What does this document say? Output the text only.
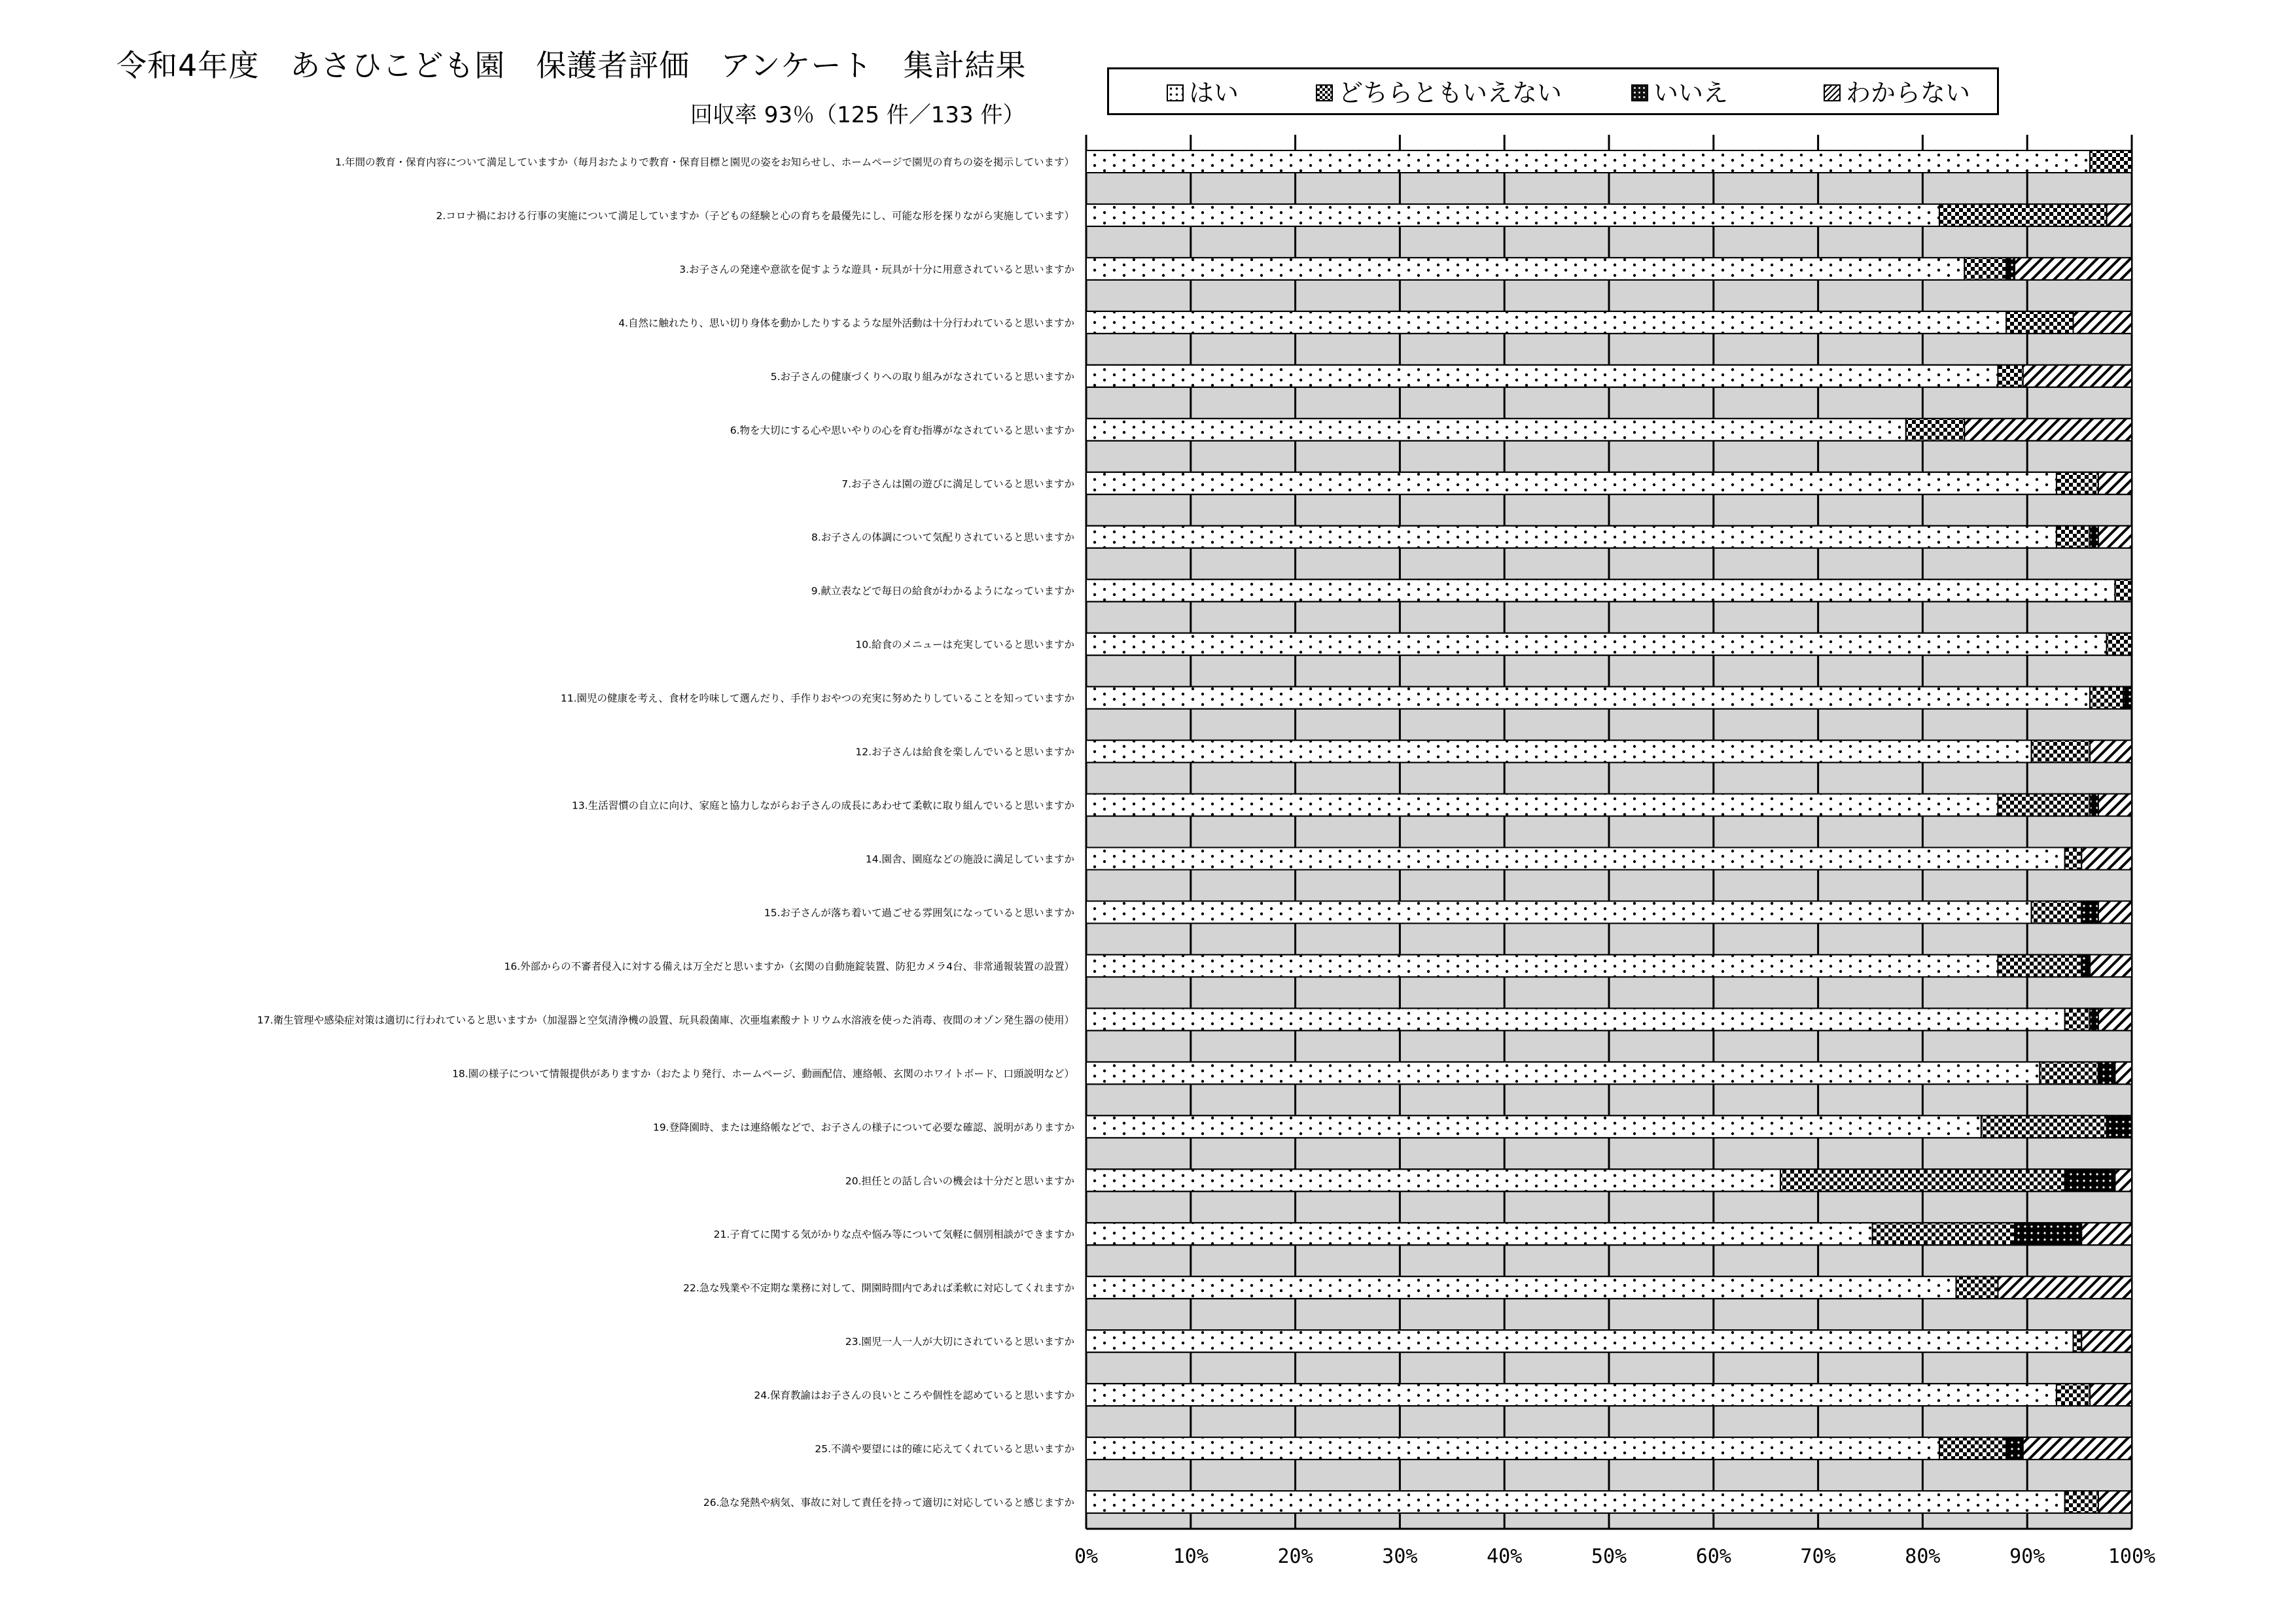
令和4年度　あさひこども園　保護者評価　アンケート　集計結果
回収率 93％（125 件／133 件）
はい	どちらともいえない	いいえ	わからない
1.年間の教育・保育内容について満足していますか（毎月おたよりで教育・保育目標と園児の姿をお知らせし、ホームページで園児の育ちの姿を掲示しています）
2.コロナ禍における行事の実施について満足していますか（子どもの経験と心の育ちを最優先にし、可能な形を探りながら実施しています）
3.お子さんの発達や意欲を促すような遊具・玩具が十分に用意されていると思いますか
4.自然に触れたり、思い切り身体を動かしたりするような屋外活動は十分行われていると思いますか
5.お子さんの健康づくりへの取り組みがなされていると思いますか
6.物を大切にする心や思いやりの心を育む指導がなされていると思いますか
7.お子さんは園の遊びに満足していると思いますか
8.お子さんの体調について気配りされていると思いますか
9.献立表などで毎日の給食がわかるようになっていますか
10.給食のメニューは充実していると思いますか
11.園児の健康を考え、食材を吟味して選んだり、手作りおやつの充実に努めたりしていることを知っていますか
12.お子さんは給食を楽しんでいると思いますか
13.生活習慣の自立に向け、家庭と協力しながらお子さんの成長にあわせて柔軟に取り組んでいると思いますか
14.園舎、園庭などの施設に満足していますか
15.お子さんが落ち着いて過ごせる雰囲気になっていると思いますか
16.外部からの不審者侵入に対する備えは万全だと思いますか（玄関の自動施錠装置、防犯カメラ4台、非常通報装置の設置）
17.衛生管理や感染症対策は適切に行われていると思いますか（加湿器と空気清浄機の設置、玩具殺菌庫、次亜塩素酸ナトリウム水溶液を使った消毒、夜間のオゾン発生器の使用）
18.園の様子について情報提供がありますか（おたより発行、ホームページ、動画配信、連絡帳、玄関のホワイトボード、口頭説明など）
19.登降園時、または連絡帳などで、お子さんの様子について必要な確認、説明がありますか
20.担任との話し合いの機会は十分だと思いますか
21.子育てに関する気がかりな点や悩み等について気軽に個別相談ができますか
22.急な残業や不定期な業務に対して、開園時間内であれば柔軟に対応してくれますか
23.園児一人一人が大切にされていると思いますか
24.保育教諭はお子さんの良いところや個性を認めていると思いますか
25.不満や要望には的確に応えてくれていると思いますか
26.急な発熱や病気、事故に対して責任を持って適切に対応していると感じますか
0%	10%	20%	30%	40%	50%	60%	70%	80%	90%	100%
